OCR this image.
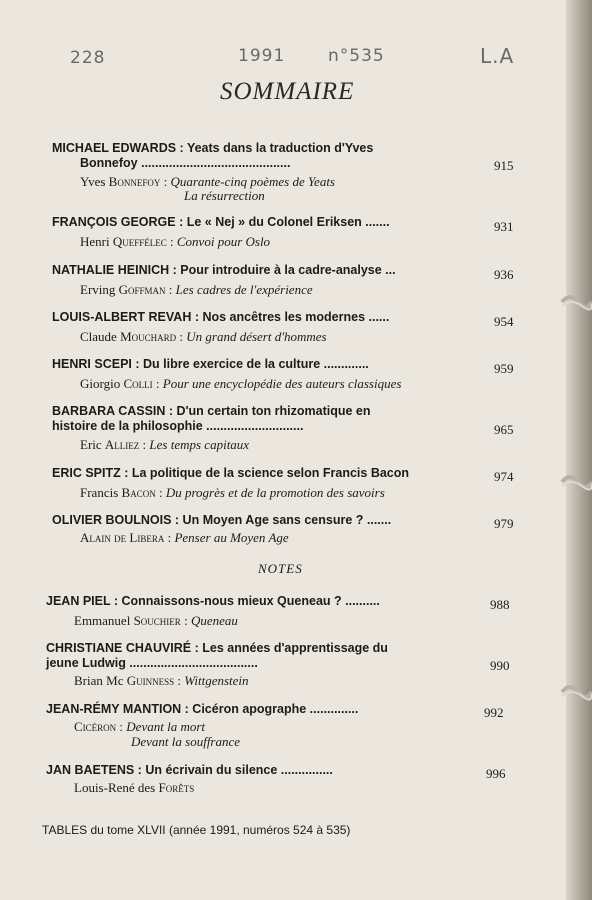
228	1991	n°535	L.A
SOMMAIRE
MICHAEL EDWARDS : Yeats dans la traduction d'Yves
Bonnefoy ...........................................	915
Yves Bonnefoy : Quarante-cinq poèmes de Yeats
La résurrection
FRANÇOIS GEORGE : Le « Nej » du Colonel Eriksen .......	931
Henri Queffélec : Convoi pour Oslo
NATHALIE HEINICH : Pour introduire à la cadre-analyse ...	936
Erving Goffman : Les cadres de l'expérience
LOUIS-ALBERT REVAH : Nos ancêtres les modernes ......	954
Claude Mouchard : Un grand désert d'hommes
HENRI SCEPI : Du libre exercice de la culture .............	959
Giorgio Colli : Pour une encyclopédie des auteurs classiques
BARBARA CASSIN : D'un certain ton rhizomatique en
histoire de la philosophie ............................	965
Eric Alliez : Les temps capitaux
ERIC SPITZ : La politique de la science selon Francis Bacon	974
Francis Bacon : Du progrès et de la promotion des savoirs
OLIVIER BOULNOIS : Un Moyen Age sans censure ? .......	979
Alain de Libera : Penser au Moyen Age
NOTES
JEAN PIEL : Connaissons-nous mieux Queneau ? ..........	988
Emmanuel Souchier : Queneau
CHRISTIANE CHAUVIRÉ : Les années d'apprentissage du
jeune Ludwig .....................................	990
Brian Mc Guinness : Wittgenstein
JEAN-RÉMY MANTION : Cicéron apographe ..............	992
Cicéron : Devant la mort
Devant la souffrance
JAN BAETENS : Un écrivain du silence ...............	996
Louis-René des Forêts
TABLES du tome XLVII (année 1991, numéros 524 à 535)
